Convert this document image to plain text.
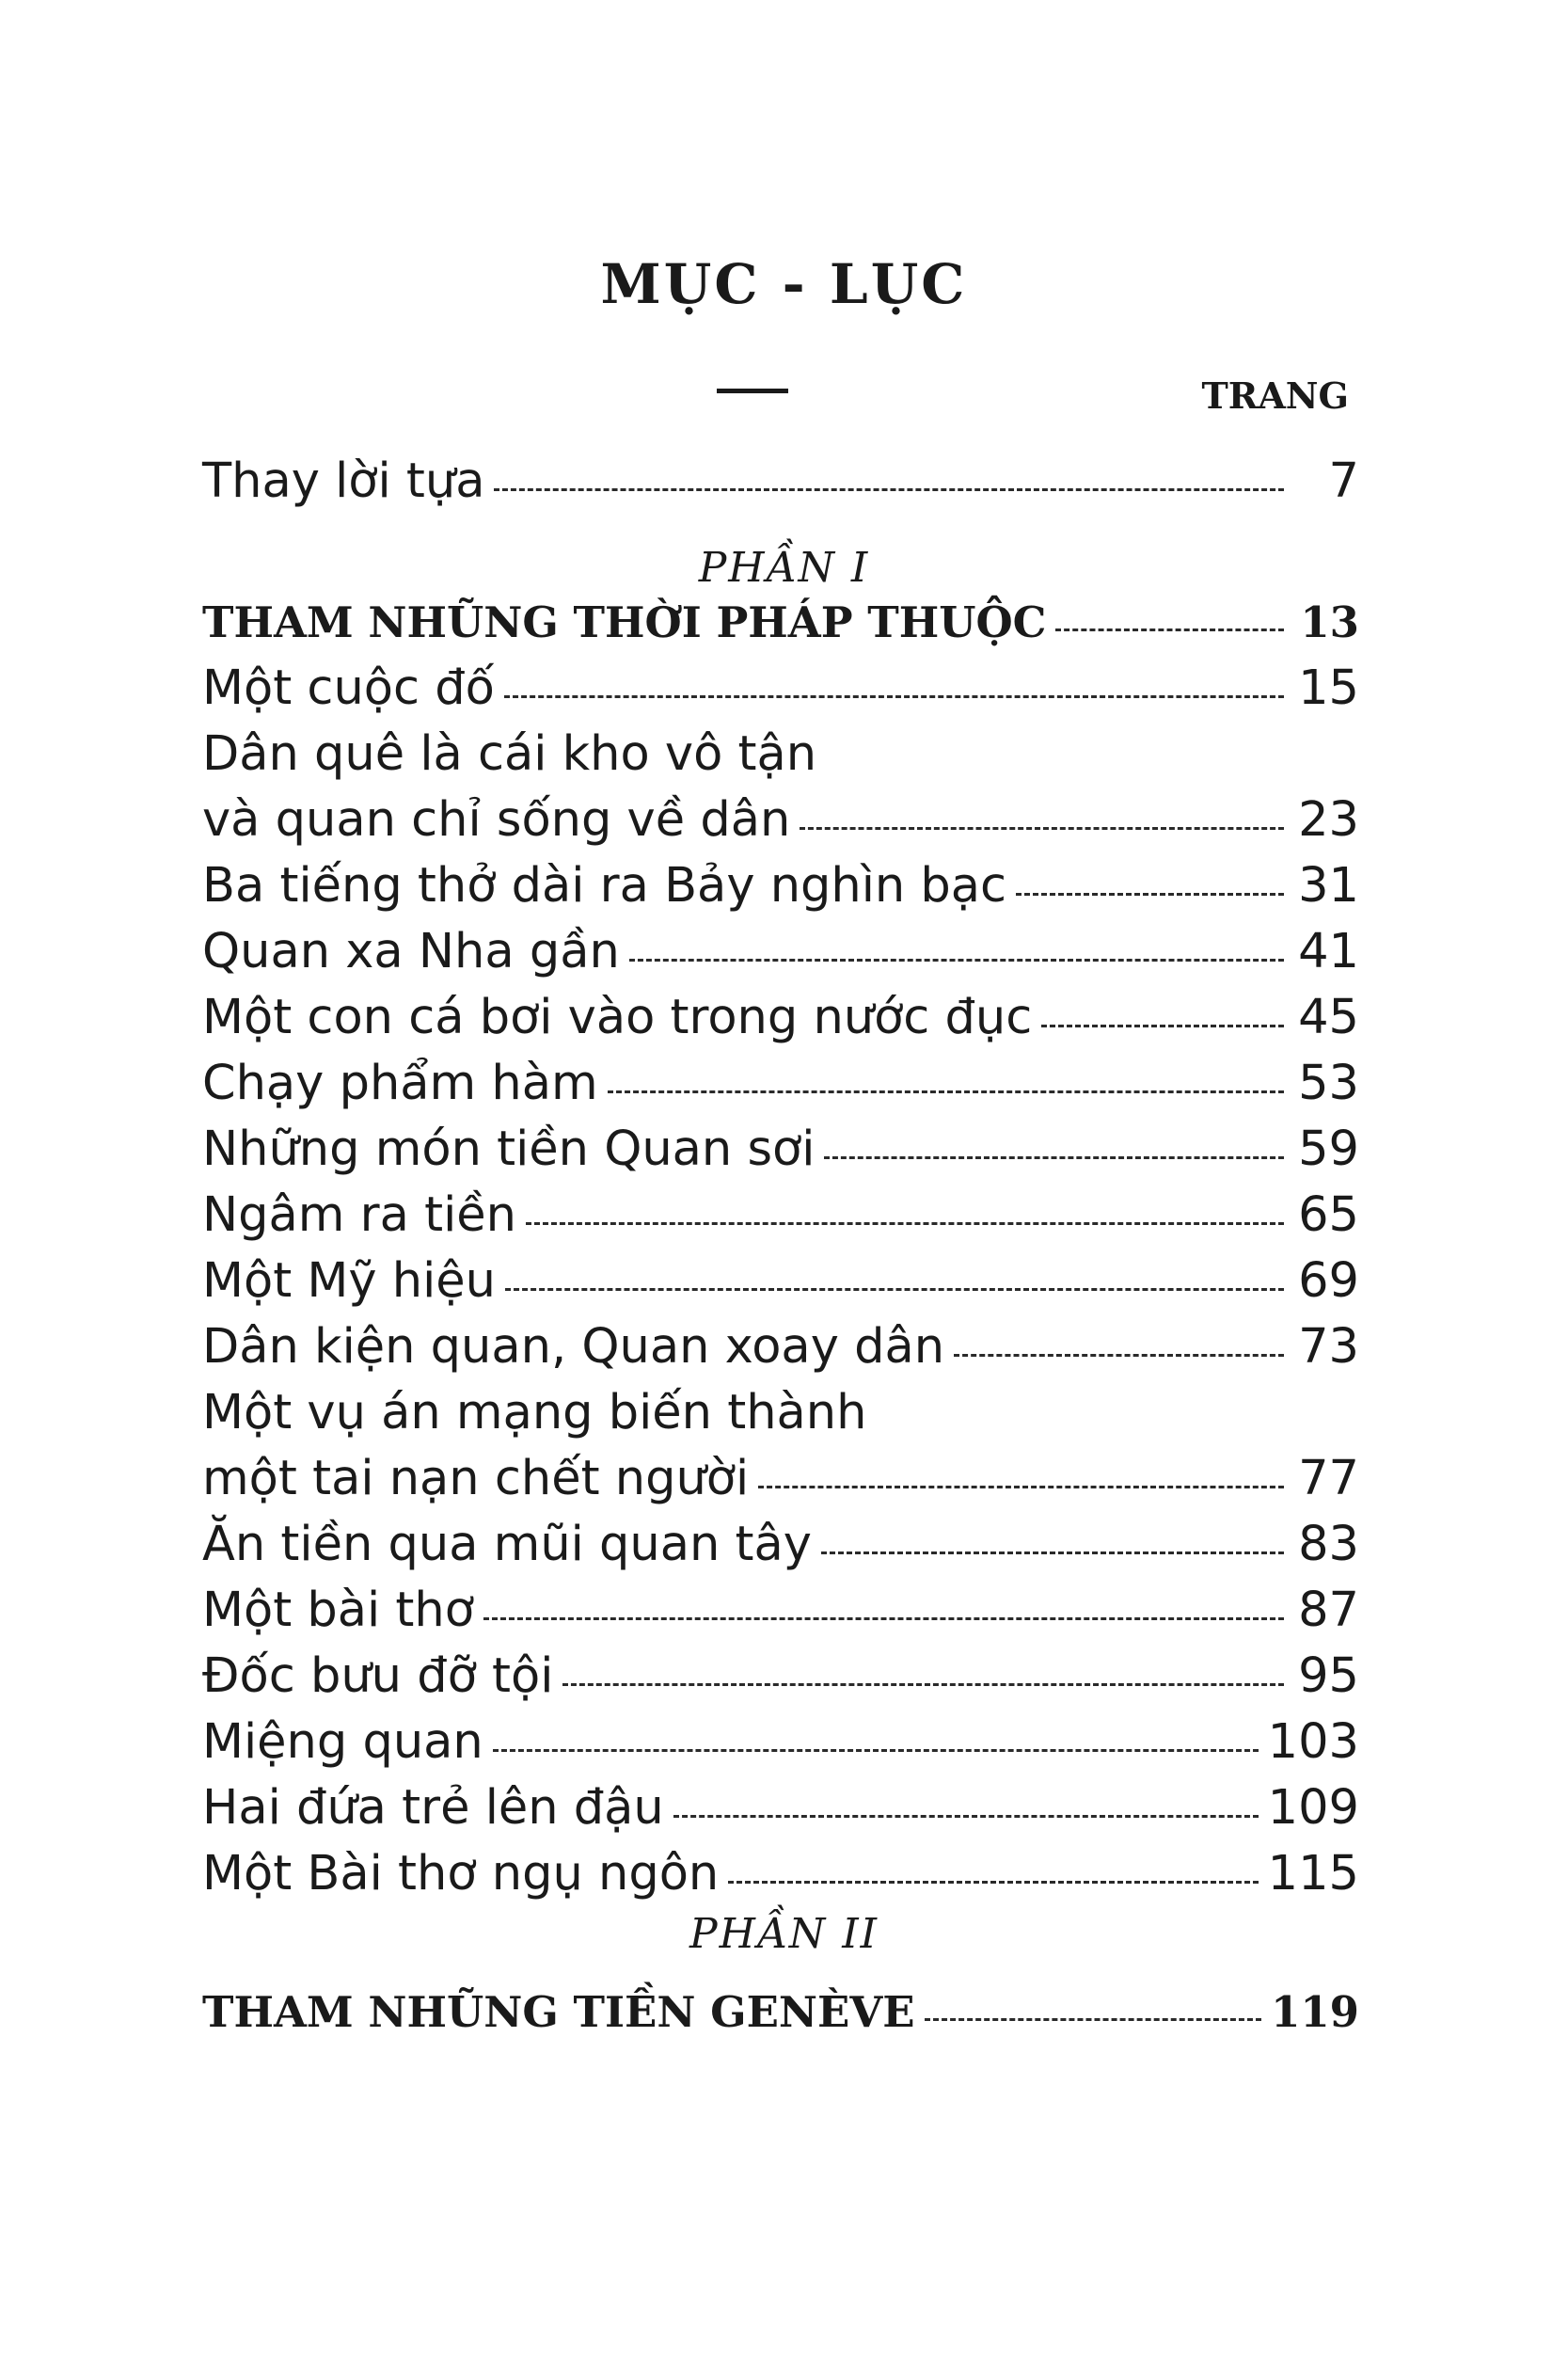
MỤC - LỤC
TRANG
Thay lời tựa	7
PHẦN I
THAM NHŨNG THỜI PHÁP THUỘC	13
Một cuộc đố	15
Dân quê là cái kho vô tận
và quan chỉ sống về dân	23
Ba tiếng thở dài ra Bảy nghìn bạc	31
Quan xa Nha gần	41
Một con cá bơi vào trong nước đục	45
Chạy phẩm hàm	53
Những món tiền Quan sơi	59
Ngâm ra tiền	65
Một Mỹ hiệu	69
Dân kiện quan, Quan xoay dân	73
Một vụ án mạng biến thành
một tai nạn chết người	77
Ăn tiền qua mũi quan tây	83
Một bài thơ	87
Đốc bưu đỡ tội	95
Miệng quan	103
Hai đứa trẻ lên đậu	109
Một Bài thơ ngụ ngôn	115
PHẦN II
THAM NHŨNG TIỀN GENÈVE	119
